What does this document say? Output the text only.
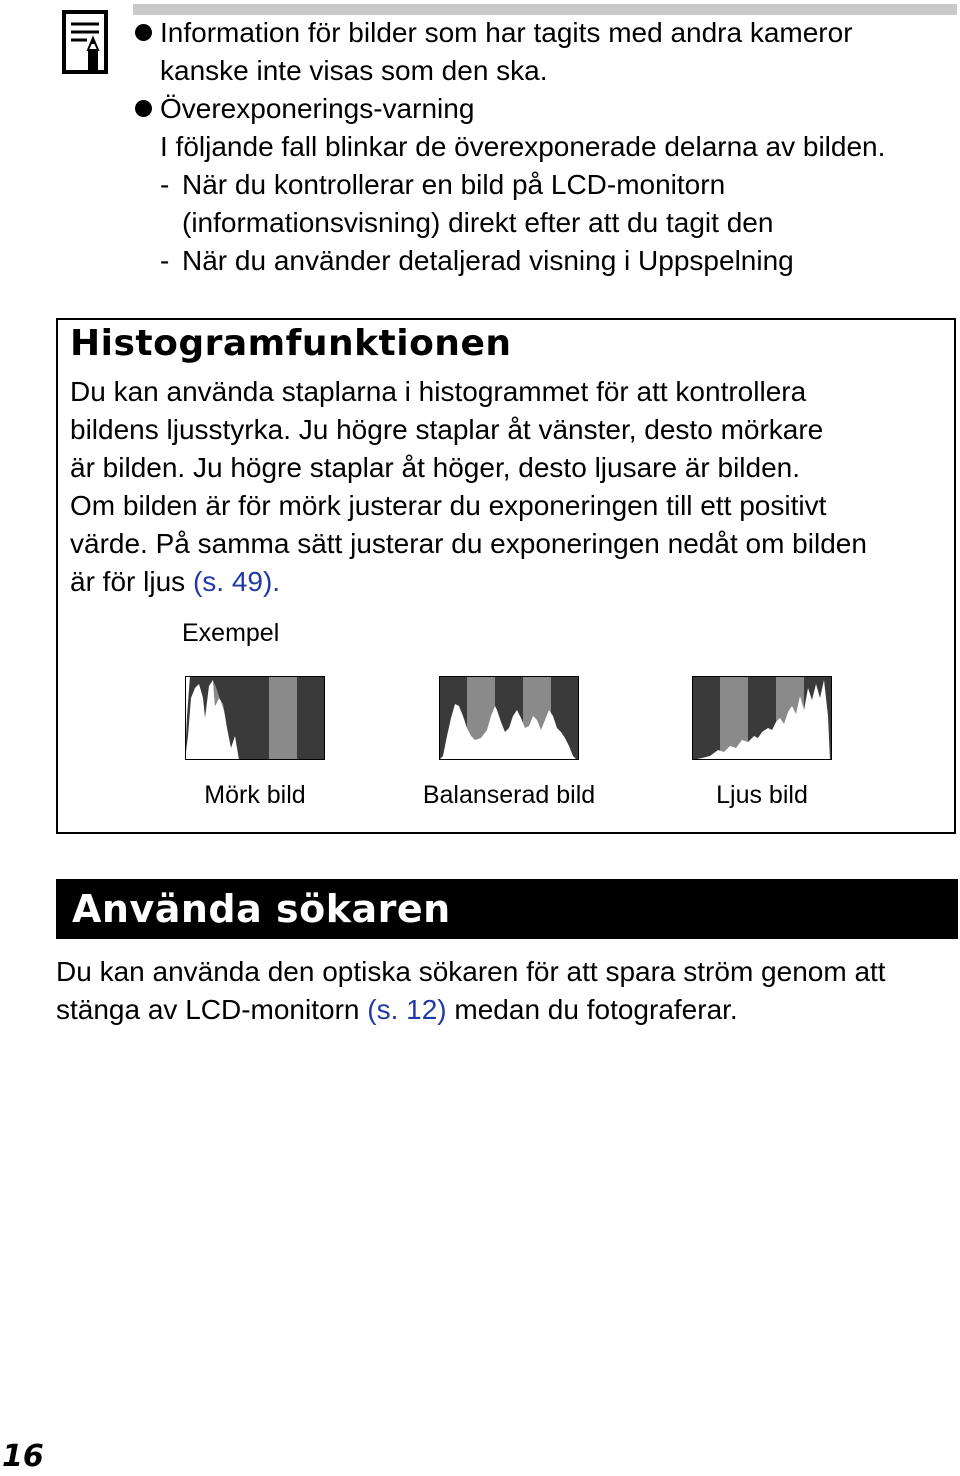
Information för bilder som har tagits med andra kameror
kanske inte visas som den ska.
Överexponerings-varning
I följande fall blinkar de överexponerade delarna av bilden.
- När du kontrollerar en bild på LCD-monitorn
(informationsvisning) direkt efter att du tagit den
- När du använder detaljerad visning i Uppspelning
Histogramfunktionen

Du kan använda staplarna i histogrammet för att kontrollera

bildens ljusstyrka. Ju högre staplar åt vänster, desto mörkare

är bilden. Ju högre staplar åt höger, desto ljusare är bilden.

Om bilden är för mörk justerar du exponeringen till ett positivt

värde. På samma sätt justerar du exponeringen nedåt om bilden

är för ljus (s. 49).

Exempel
Mörk bild	Balanserad bild	Ljus bild
Använda sökaren

Du kan använda den optiska sökaren för att spara ström genom att

stänga av LCD-monitorn (s. 12) medan du fotograferar.

16
